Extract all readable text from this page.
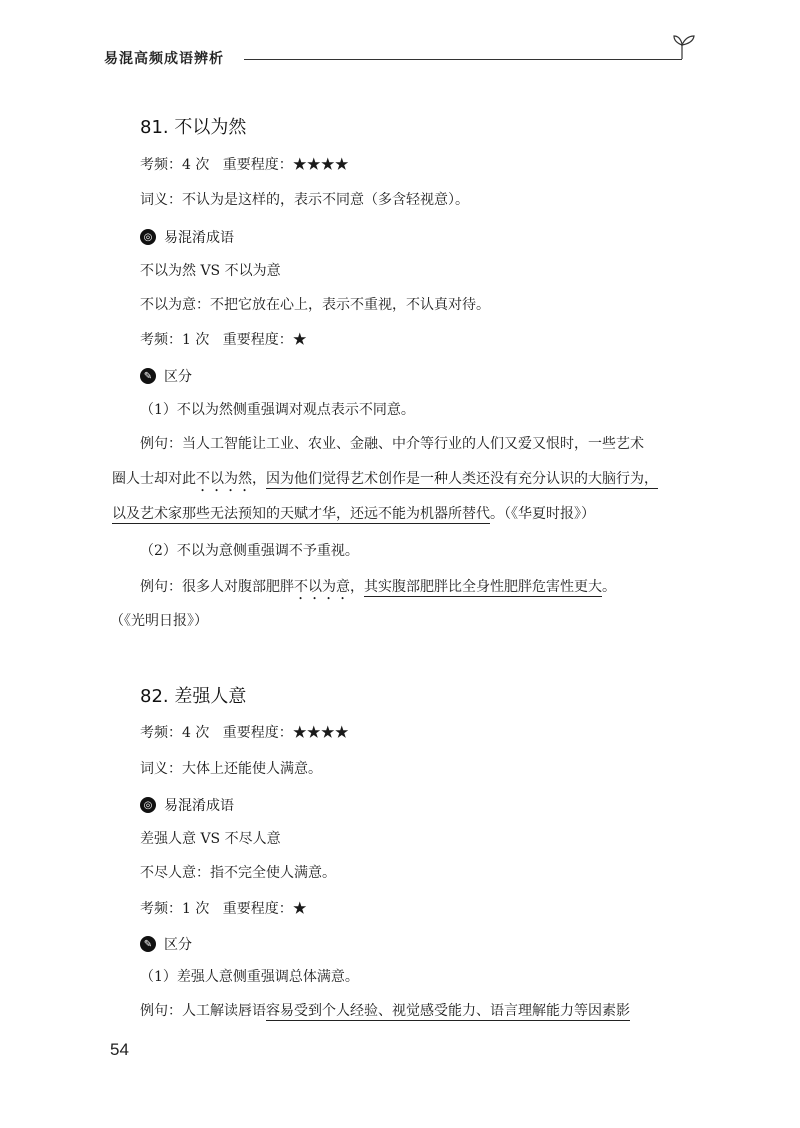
易混高频成语辨析
81. 不以为然
考频：4 次 重要程度：★★★★
词义：不认为是这样的，表示不同意（多含轻视意）。
◎ 易混淆成语
不以为然 VS 不以为意
不以为意：不把它放在心上，表示不重视，不认真对待。
考频：1 次 重要程度：★
✎ 区分
（1）不以为然侧重强调对观点表示不同意。
例句：当人工智能让工业、农业、金融、中介等行业的人们又爱又恨时，一些艺术
圈人士却对此不以为然，因为他们觉得艺术创作是一种人类还没有充分认识的大脑行为，
以及艺术家那些无法预知的天赋才华，还远不能为机器所替代。（《华夏时报》）
（2）不以为意侧重强调不予重视。
例句：很多人对腹部肥胖不以为意，其实腹部肥胖比全身性肥胖危害性更大。
（《光明日报》）
82. 差强人意
考频：4 次 重要程度：★★★★
词义：大体上还能使人满意。
◎ 易混淆成语
差强人意 VS 不尽人意
不尽人意：指不完全使人满意。
考频：1 次 重要程度：★
✎ 区分
（1）差强人意侧重强调总体满意。
例句：人工解读唇语容易受到个人经验、视觉感受能力、语言理解能力等因素影
54
